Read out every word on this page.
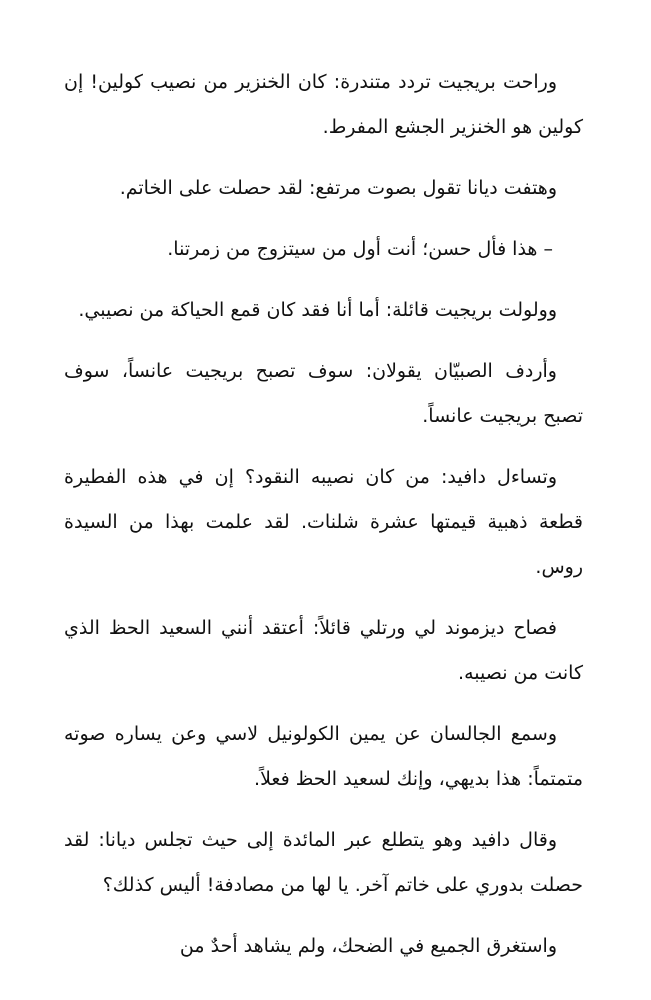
وراحت بريجيت تردد متندرة: كان الخنزير من نصيب كولين! إن كولين هو الخنزير الجشع المفرط.

وهتفت ديانا تقول بصوت مرتفع: لقد حصلت على الخاتم.

– هذا فأل حسن؛ أنت أول من سيتزوج من زمرتنا.

وولولت بريجيت قائلة: أما أنا فقد كان قمع الحياكة من نصيبي.

وأردف الصبيّان يقولان: سوف تصبح بريجيت عانساً، سوف تصبح بريجيت عانساً.

وتساءل دافيد: من كان نصيبه النقود؟ إن في هذه الفطيرة قطعة ذهبية قيمتها عشرة شلنات. لقد علمت بهذا من السيدة روس.

فصاح ديزموند لي ورتلي قائلاً: أعتقد أنني السعيد الحظ الذي كانت من نصيبه.

وسمع الجالسان عن يمين الكولونيل لاسي وعن يساره صوته متمتماً: هذا بديهي، وإنك لسعيد الحظ فعلاً.

وقال دافيد وهو يتطلع عبر المائدة إلى حيث تجلس ديانا: لقد حصلت بدوري على خاتم آخر. يا لها من مصادفة! أليس كذلك؟

واستغرق الجميع في الضحك، ولم يشاهد أحدٌ من
